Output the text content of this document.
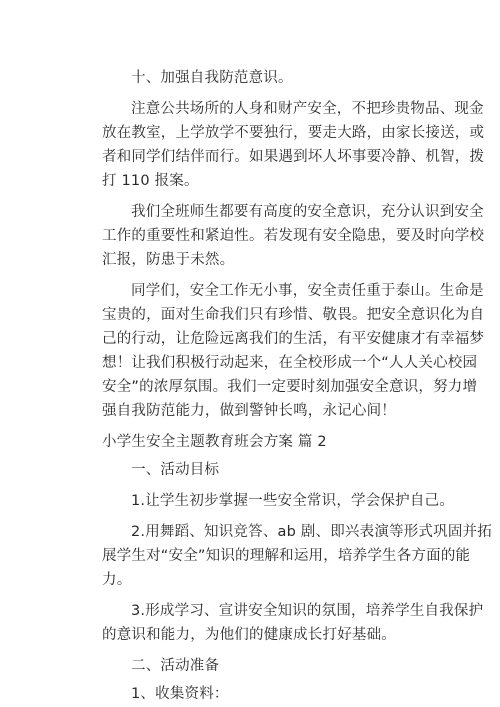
十、加强自我防范意识。
注意公共场所的人身和财产安全，不把珍贵物品、现金
放在教室，上学放学不要独行，要走大路，由家长接送，或
者和同学们结伴而行。如果遇到坏人坏事要冷静、机智，拨
打 110 报案。
我们全班师生都要有高度的安全意识，充分认识到安全
工作的重要性和紧迫性。若发现有安全隐患，要及时向学校
汇报，防患于未然。
同学们，安全工作无小事，安全责任重于泰山。生命是
宝贵的，面对生命我们只有珍惜、敬畏。把安全意识化为自
己的行动，让危险远离我们的生活，有平安健康才有幸福梦
想！让我们积极行动起来，在全校形成一个“人人关心校园
安全”的浓厚氛围。我们一定要时刻加强安全意识，努力增
强自我防范能力，做到警钟长鸣，永记心间！
小学生安全主题教育班会方案 篇 2
一、活动目标
1.让学生初步掌握一些安全常识，学会保护自己。
2.用舞蹈、知识竞答、ab 剧、即兴表演等形式巩固并拓
展学生对“安全”知识的理解和运用，培养学生各方面的能
力。
3.形成学习、宣讲安全知识的氛围，培养学生自我保护
的意识和能力，为他们的健康成长打好基础。
二、活动准备
1、收集资料：
